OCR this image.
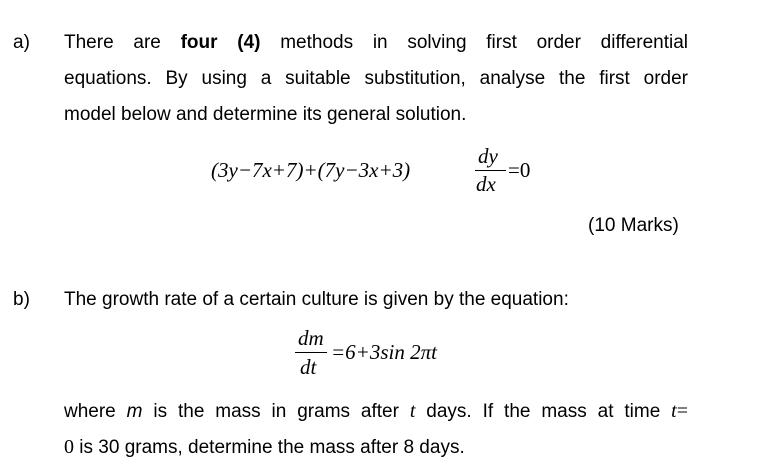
a) There are four (4) methods in solving first order differential
equations. By using a suitable substitution, analyse the first order
model below and determine its general solution.
(3y−7x+7)+(7y−3x+3)
dy
dx
=0
(10 Marks)
b) The growth rate of a certain culture is given by the equation:
dm
dt
=6+3sin 2πt
where m is the mass in grams after t days. If the mass at time t=
0 is 30 grams, determine the mass after 8 days.
